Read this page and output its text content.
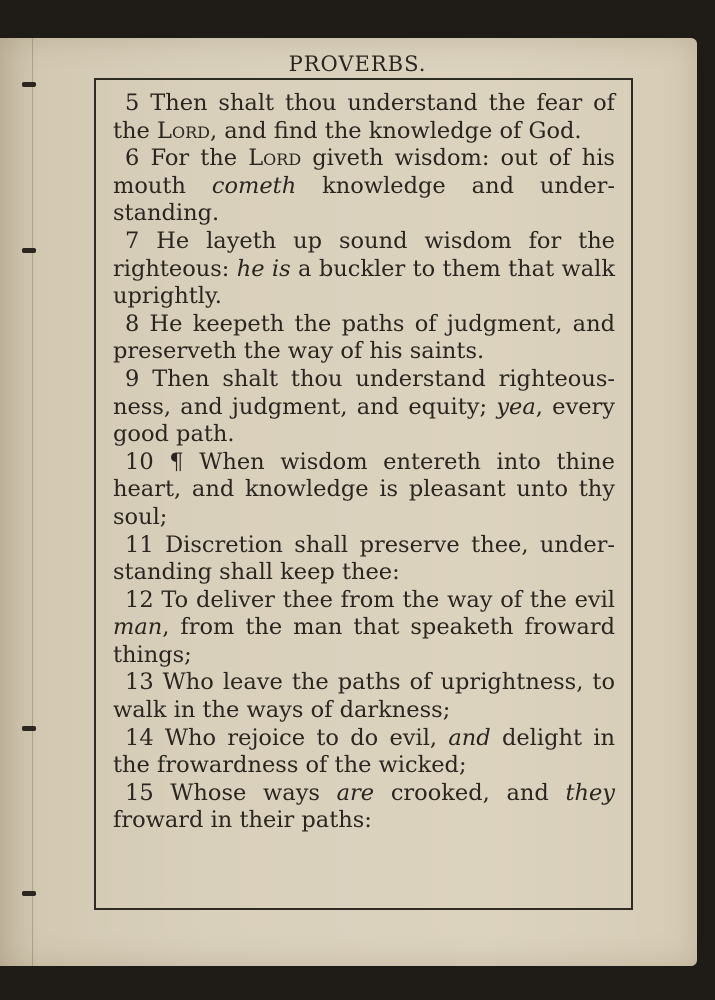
PROVERBS.

5 Then shalt thou understand the fear of the Lord, and find the knowledge of God.

6 For the Lord giveth wisdom: out of his mouth cometh knowledge and under-standing.

7 He layeth up sound wisdom for the righteous: he is a buckler to them that walk uprightly.

8 He keepeth the paths of judgment, and preserveth the way of his saints.

9 Then shalt thou understand righteous-ness, and judgment, and equity; yea, every good path.

10 ¶ When wisdom entereth into thine heart, and knowledge is pleasant unto thy soul;

11 Discretion shall preserve thee, under-standing shall keep thee:

12 To deliver thee from the way of the evil man, from the man that speaketh froward things;

13 Who leave the paths of uprightness, to walk in the ways of darkness;

14 Who rejoice to do evil, and delight in the frowardness of the wicked;

15 Whose ways are crooked, and they froward in their paths:
